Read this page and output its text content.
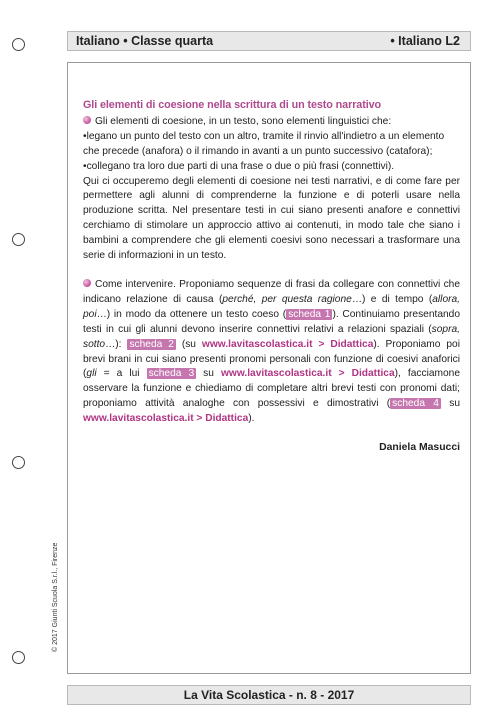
Italiano • Classe quarta	• Italiano L2
Gli elementi di coesione nella scrittura di un testo narrativo

Gli elementi di coesione, in un testo, sono elementi linguistici che:

•legano un punto del testo con un altro, tramite il rinvio all'indietro a un elemento che precede (anafora) o il rimando in avanti a un punto successivo (catafora);

•collegano tra loro due parti di una frase o due o più frasi (connettivi).

Qui ci occuperemo degli elementi di coesione nei testi narrativi, e di come fare per permettere agli alunni di comprenderne la funzione e di poterli usare nella produzione scritta. Nel presentare testi in cui siano presenti anafore e connettivi cerchiamo di stimolare un approccio attivo ai contenuti, in modo tale che siano i bambini a comprendere che gli elementi coesivi sono necessari a trasformare una serie di informazioni in un testo.

Come intervenire. Proponiamo sequenze di frasi da collegare con connettivi che indicano relazione di causa (perché, per questa ragione…) e di tempo (allora, poi…) in modo da ottenere un testo coeso ( scheda 1 ). Continuiamo presentando testi in cui gli alunni devono inserire connettivi relativi a relazioni spaziali (sopra, sotto…): scheda 2 (su www.lavitascolastica.it > Didattica). Proponiamo poi brevi brani in cui siano presenti pronomi personali con funzione di coesivi anaforici (gli = a lui scheda 3 su www.lavitascolastica.it > Didattica), facciamone osservare la funzione e chiediamo di completare altri brevi testi con pronomi dati; proponiamo attività analoghe con possessivi e dimostrativi ( scheda 4 su www.lavitascolastica.it > Didattica).

Daniela Masucci
© 2017 Giunti Scuola S.r.l., Firenze
La Vita Scolastica - n. 8 - 2017
